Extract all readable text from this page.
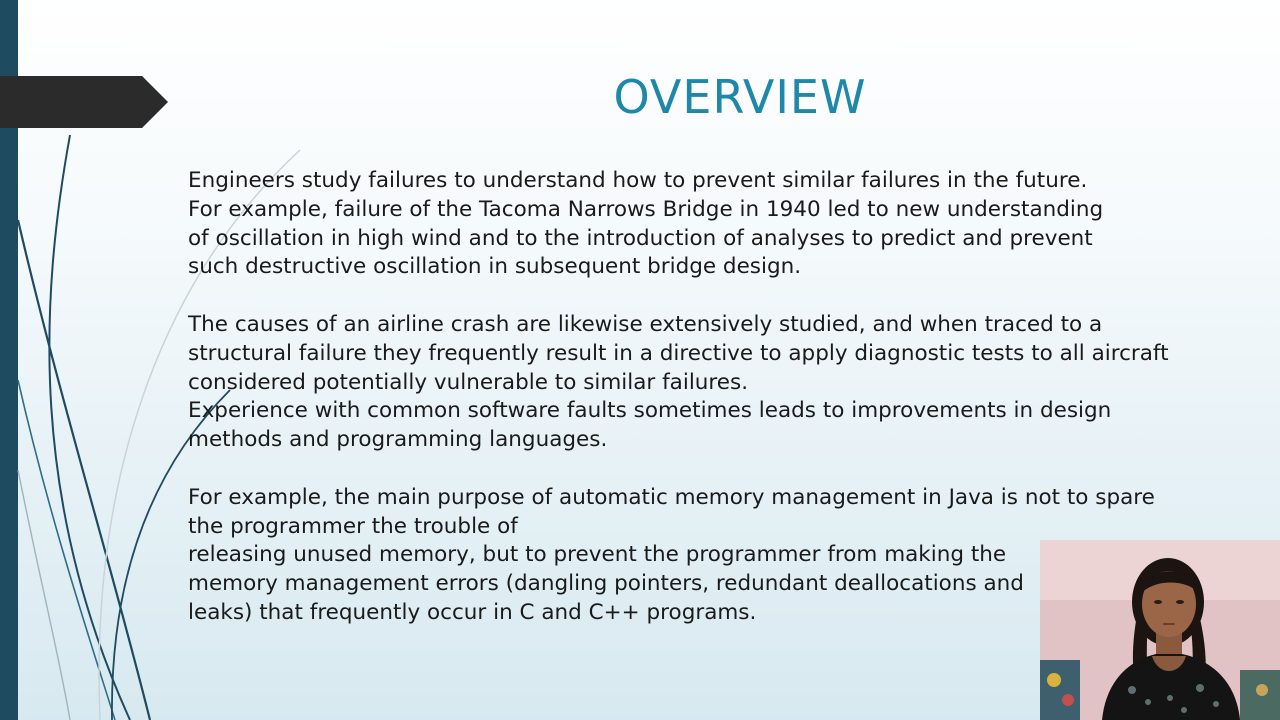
OVERVIEW
Engineers study failures to understand how to prevent similar failures in the future.
For example, failure of the Tacoma Narrows Bridge in 1940 led to new understanding
of oscillation in high wind and to the introduction of analyses to predict and prevent
such destructive oscillation in subsequent bridge design.
The causes of an airline crash are likewise extensively studied, and when traced to a
structural failure they frequently result in a directive to apply diagnostic tests to all aircraft
considered potentially vulnerable to similar failures.
Experience with common software faults sometimes leads to improvements in design
methods and programming languages.
For example, the main purpose of automatic memory management in Java is not to spare
the programmer the trouble of
releasing unused memory, but to prevent the programmer from making the
memory management errors (dangling pointers, redundant deallocations and
leaks) that frequently occur in C and C++ programs.
